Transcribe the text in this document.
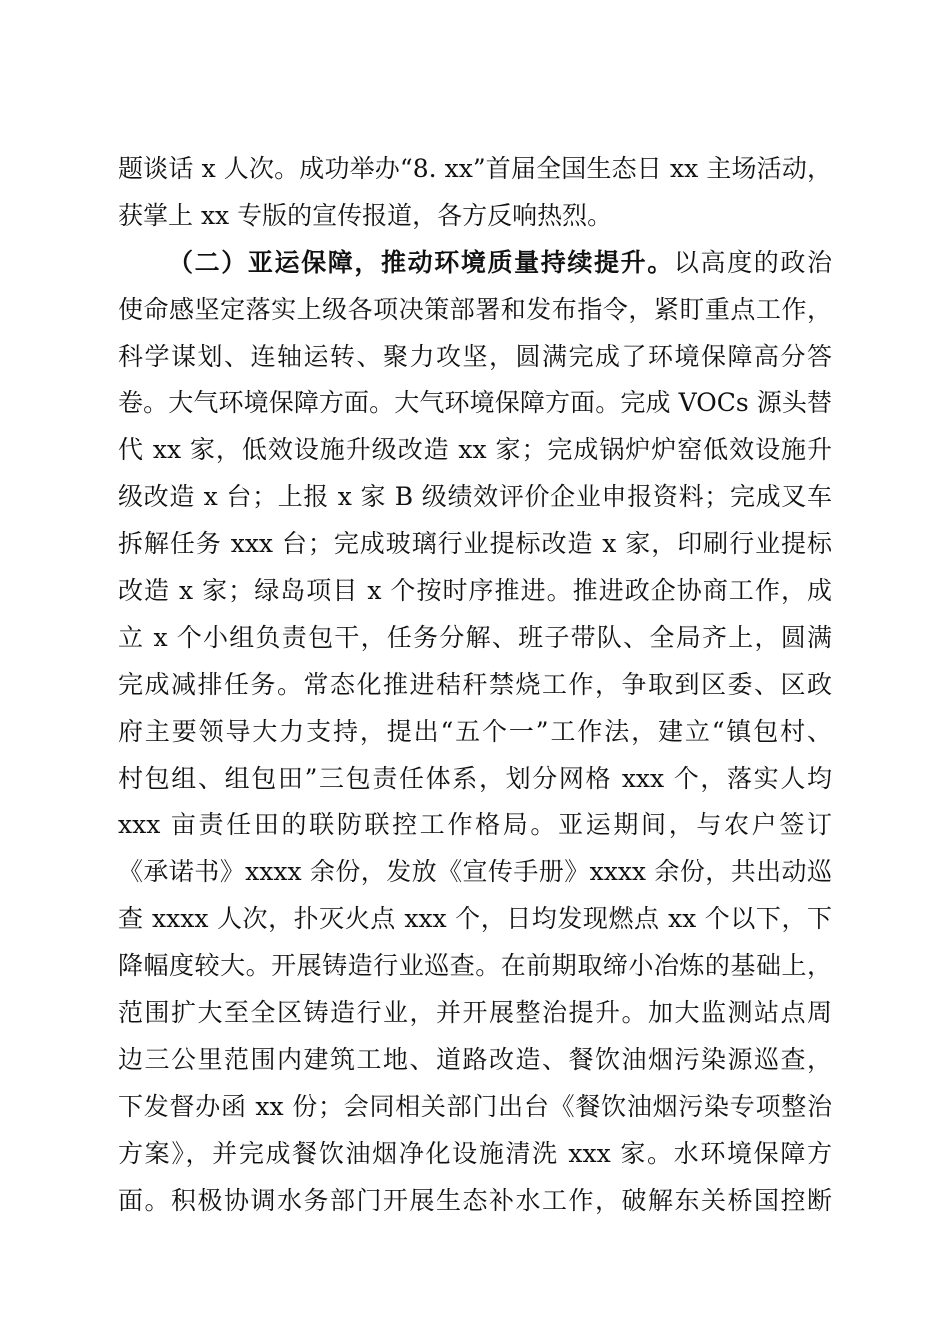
题谈话 x 人次。成功举办“8. xx”首届全国生态日 xx 主场活动，
获掌上 xx 专版的宣传报道，各方反响热烈。
（二）亚运保障，推动环境质量持续提升。以高度的政治
使命感坚定落实上级各项决策部署和发布指令，紧盯重点工作，
科学谋划、连轴运转、聚力攻坚，圆满完成了环境保障高分答
卷。大气环境保障方面。大气环境保障方面。完成 VOCs 源头替
代 xx 家，低效设施升级改造 xx 家；完成锅炉炉窑低效设施升
级改造 x 台；上报 x 家 B 级绩效评价企业申报资料；完成叉车
拆解任务 xxx 台；完成玻璃行业提标改造 x 家，印刷行业提标
改造 x 家；绿岛项目 x 个按时序推进。推进政企协商工作，成
立 x 个小组负责包干，任务分解、班子带队、全局齐上，圆满
完成减排任务。常态化推进秸秆禁烧工作，争取到区委、区政
府主要领导大力支持，提出“五个一”工作法，建立“镇包村、
村包组、组包田”三包责任体系，划分网格 xxx 个，落实人均
xxx 亩责任田的联防联控工作格局。亚运期间，与农户签订
《承诺书》xxxx 余份，发放《宣传手册》xxxx 余份，共出动巡
查 xxxx 人次，扑灭火点 xxx 个，日均发现燃点 xx 个以下，下
降幅度较大。开展铸造行业巡查。在前期取缔小冶炼的基础上，
范围扩大至全区铸造行业，并开展整治提升。加大监测站点周
边三公里范围内建筑工地、道路改造、餐饮油烟污染源巡查，
下发督办函 xx 份；会同相关部门出台《餐饮油烟污染专项整治
方案》，并完成餐饮油烟净化设施清洗 xxx 家。水环境保障方
面。积极协调水务部门开展生态补水工作，破解东关桥国控断
